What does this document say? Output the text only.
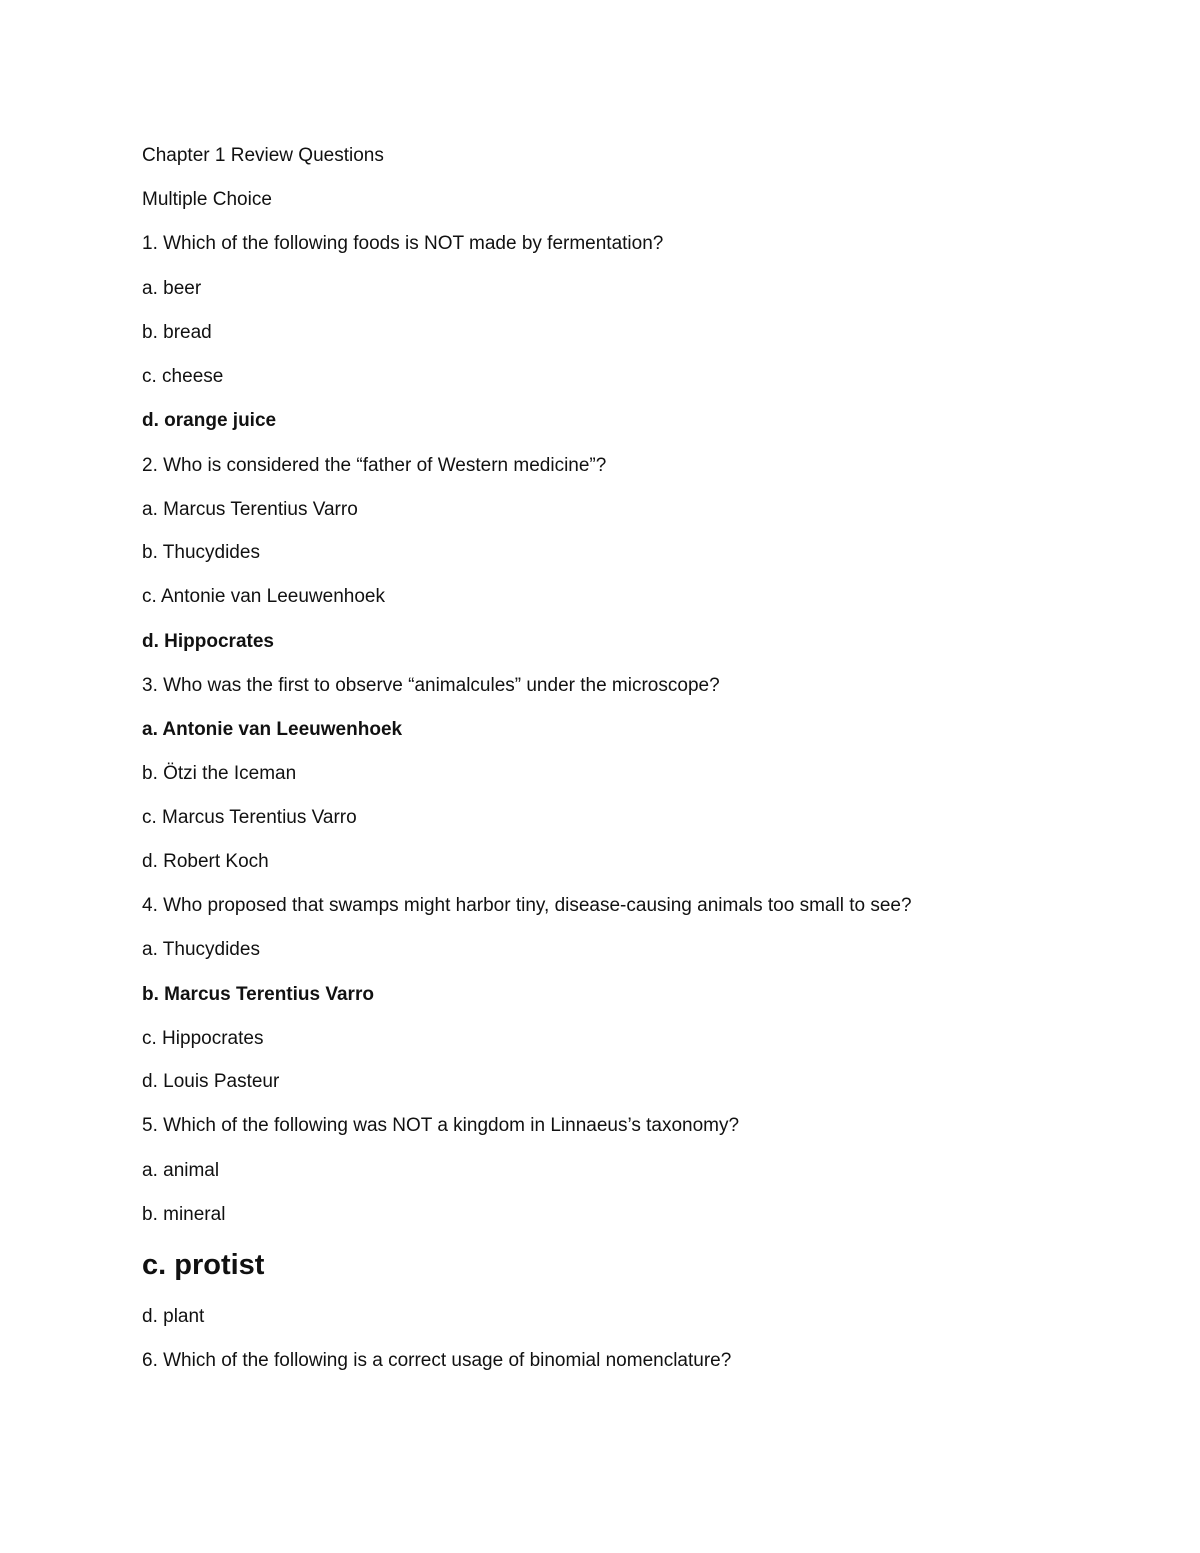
Chapter 1 Review Questions
Multiple Choice
1. Which of the following foods is NOT made by fermentation?
a. beer
b. bread
c. cheese
d. orange juice
2. Who is considered the “father of Western medicine”?
a. Marcus Terentius Varro
b. Thucydides
c. Antonie van Leeuwenhoek
d. Hippocrates
3. Who was the first to observe “animalcules” under the microscope?
a. Antonie van Leeuwenhoek
b. Ötzi the Iceman
c. Marcus Terentius Varro
d. Robert Koch
4. Who proposed that swamps might harbor tiny, disease-causing animals too small to see?
a. Thucydides
b. Marcus Terentius Varro
c. Hippocrates
d. Louis Pasteur
5. Which of the following was NOT a kingdom in Linnaeus’s taxonomy?
a. animal
b. mineral
c. protist
d. plant
6. Which of the following is a correct usage of binomial nomenclature?
